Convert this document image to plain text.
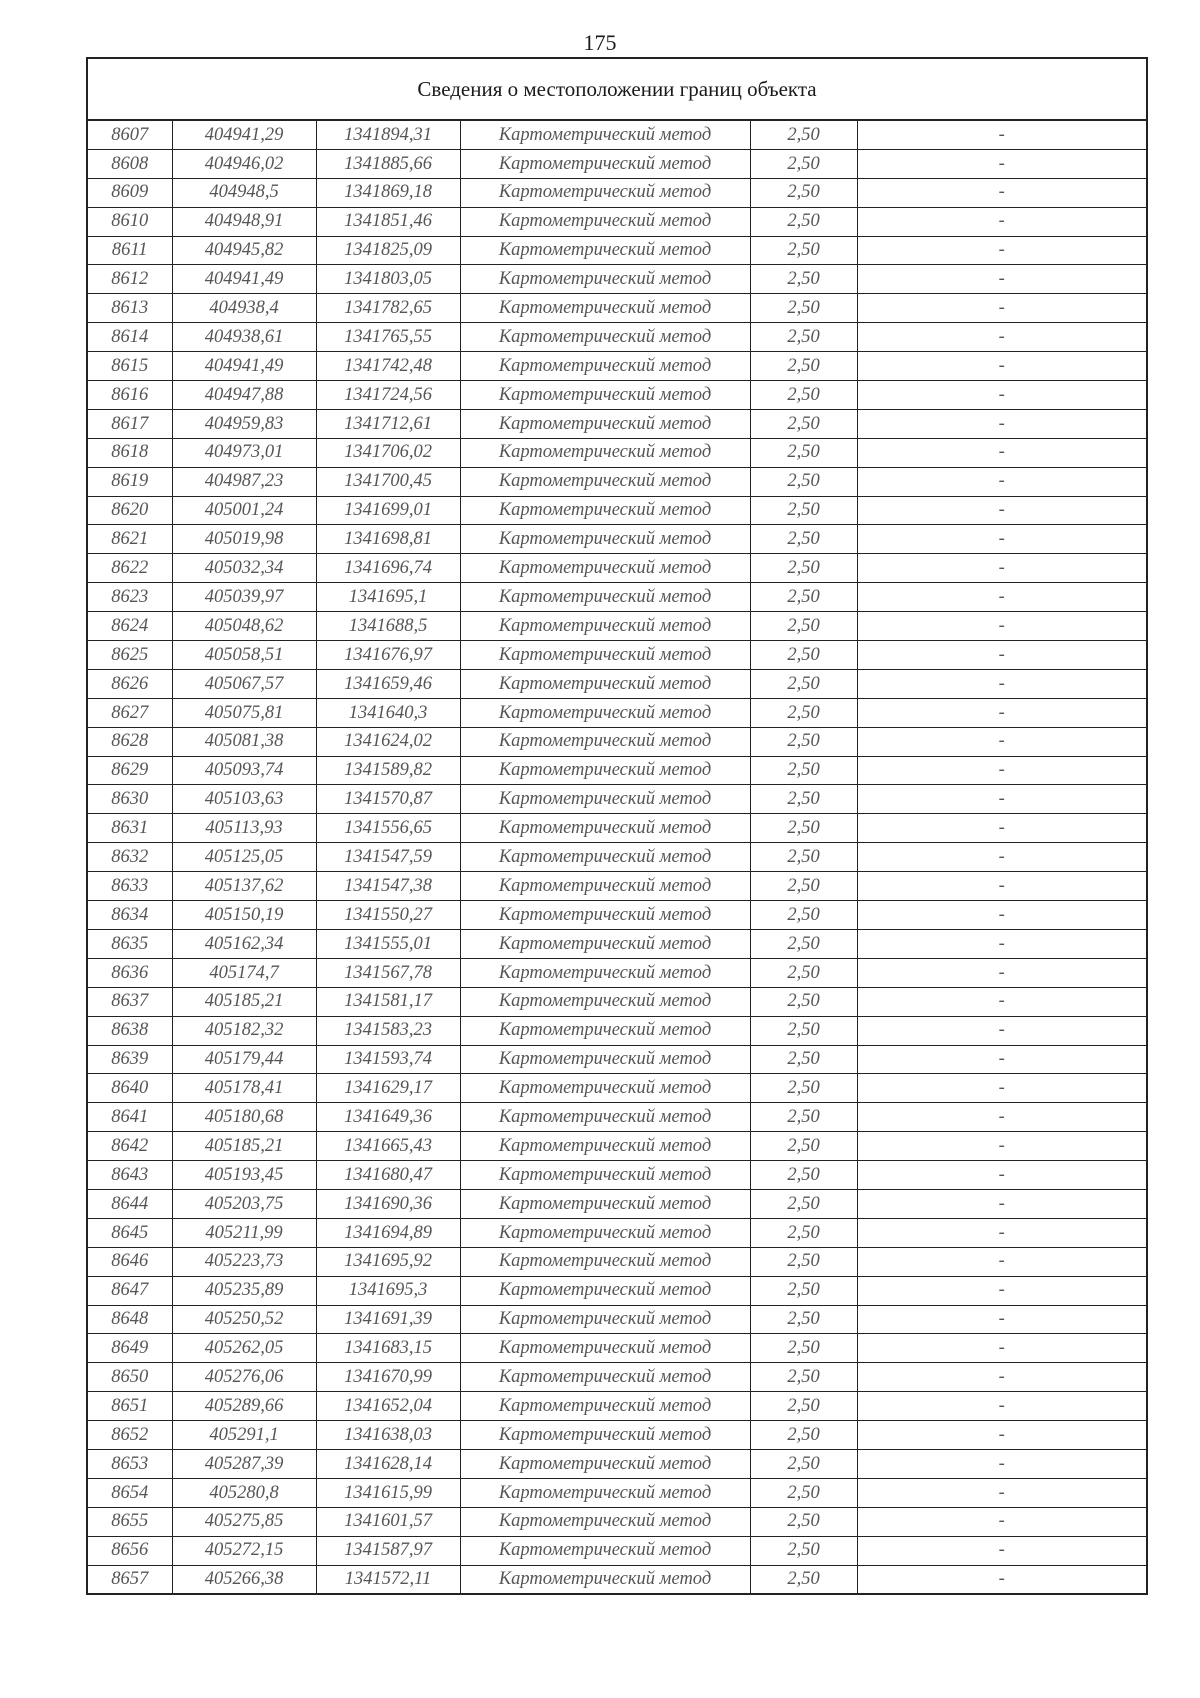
175
Сведения о местоположении границ объекта
8607	404941,29	1341894,31	Картометрический метод	2,50	-
8608	404946,02	1341885,66	Картометрический метод	2,50	-
8609	404948,5	1341869,18	Картометрический метод	2,50	-
8610	404948,91	1341851,46	Картометрический метод	2,50	-
8611	404945,82	1341825,09	Картометрический метод	2,50	-
8612	404941,49	1341803,05	Картометрический метод	2,50	-
8613	404938,4	1341782,65	Картометрический метод	2,50	-
8614	404938,61	1341765,55	Картометрический метод	2,50	-
8615	404941,49	1341742,48	Картометрический метод	2,50	-
8616	404947,88	1341724,56	Картометрический метод	2,50	-
8617	404959,83	1341712,61	Картометрический метод	2,50	-
8618	404973,01	1341706,02	Картометрический метод	2,50	-
8619	404987,23	1341700,45	Картометрический метод	2,50	-
8620	405001,24	1341699,01	Картометрический метод	2,50	-
8621	405019,98	1341698,81	Картометрический метод	2,50	-
8622	405032,34	1341696,74	Картометрический метод	2,50	-
8623	405039,97	1341695,1	Картометрический метод	2,50	-
8624	405048,62	1341688,5	Картометрический метод	2,50	-
8625	405058,51	1341676,97	Картометрический метод	2,50	-
8626	405067,57	1341659,46	Картометрический метод	2,50	-
8627	405075,81	1341640,3	Картометрический метод	2,50	-
8628	405081,38	1341624,02	Картометрический метод	2,50	-
8629	405093,74	1341589,82	Картометрический метод	2,50	-
8630	405103,63	1341570,87	Картометрический метод	2,50	-
8631	405113,93	1341556,65	Картометрический метод	2,50	-
8632	405125,05	1341547,59	Картометрический метод	2,50	-
8633	405137,62	1341547,38	Картометрический метод	2,50	-
8634	405150,19	1341550,27	Картометрический метод	2,50	-
8635	405162,34	1341555,01	Картометрический метод	2,50	-
8636	405174,7	1341567,78	Картометрический метод	2,50	-
8637	405185,21	1341581,17	Картометрический метод	2,50	-
8638	405182,32	1341583,23	Картометрический метод	2,50	-
8639	405179,44	1341593,74	Картометрический метод	2,50	-
8640	405178,41	1341629,17	Картометрический метод	2,50	-
8641	405180,68	1341649,36	Картометрический метод	2,50	-
8642	405185,21	1341665,43	Картометрический метод	2,50	-
8643	405193,45	1341680,47	Картометрический метод	2,50	-
8644	405203,75	1341690,36	Картометрический метод	2,50	-
8645	405211,99	1341694,89	Картометрический метод	2,50	-
8646	405223,73	1341695,92	Картометрический метод	2,50	-
8647	405235,89	1341695,3	Картометрический метод	2,50	-
8648	405250,52	1341691,39	Картометрический метод	2,50	-
8649	405262,05	1341683,15	Картометрический метод	2,50	-
8650	405276,06	1341670,99	Картометрический метод	2,50	-
8651	405289,66	1341652,04	Картометрический метод	2,50	-
8652	405291,1	1341638,03	Картометрический метод	2,50	-
8653	405287,39	1341628,14	Картометрический метод	2,50	-
8654	405280,8	1341615,99	Картометрический метод	2,50	-
8655	405275,85	1341601,57	Картометрический метод	2,50	-
8656	405272,15	1341587,97	Картометрический метод	2,50	-
8657	405266,38	1341572,11	Картометрический метод	2,50	-
